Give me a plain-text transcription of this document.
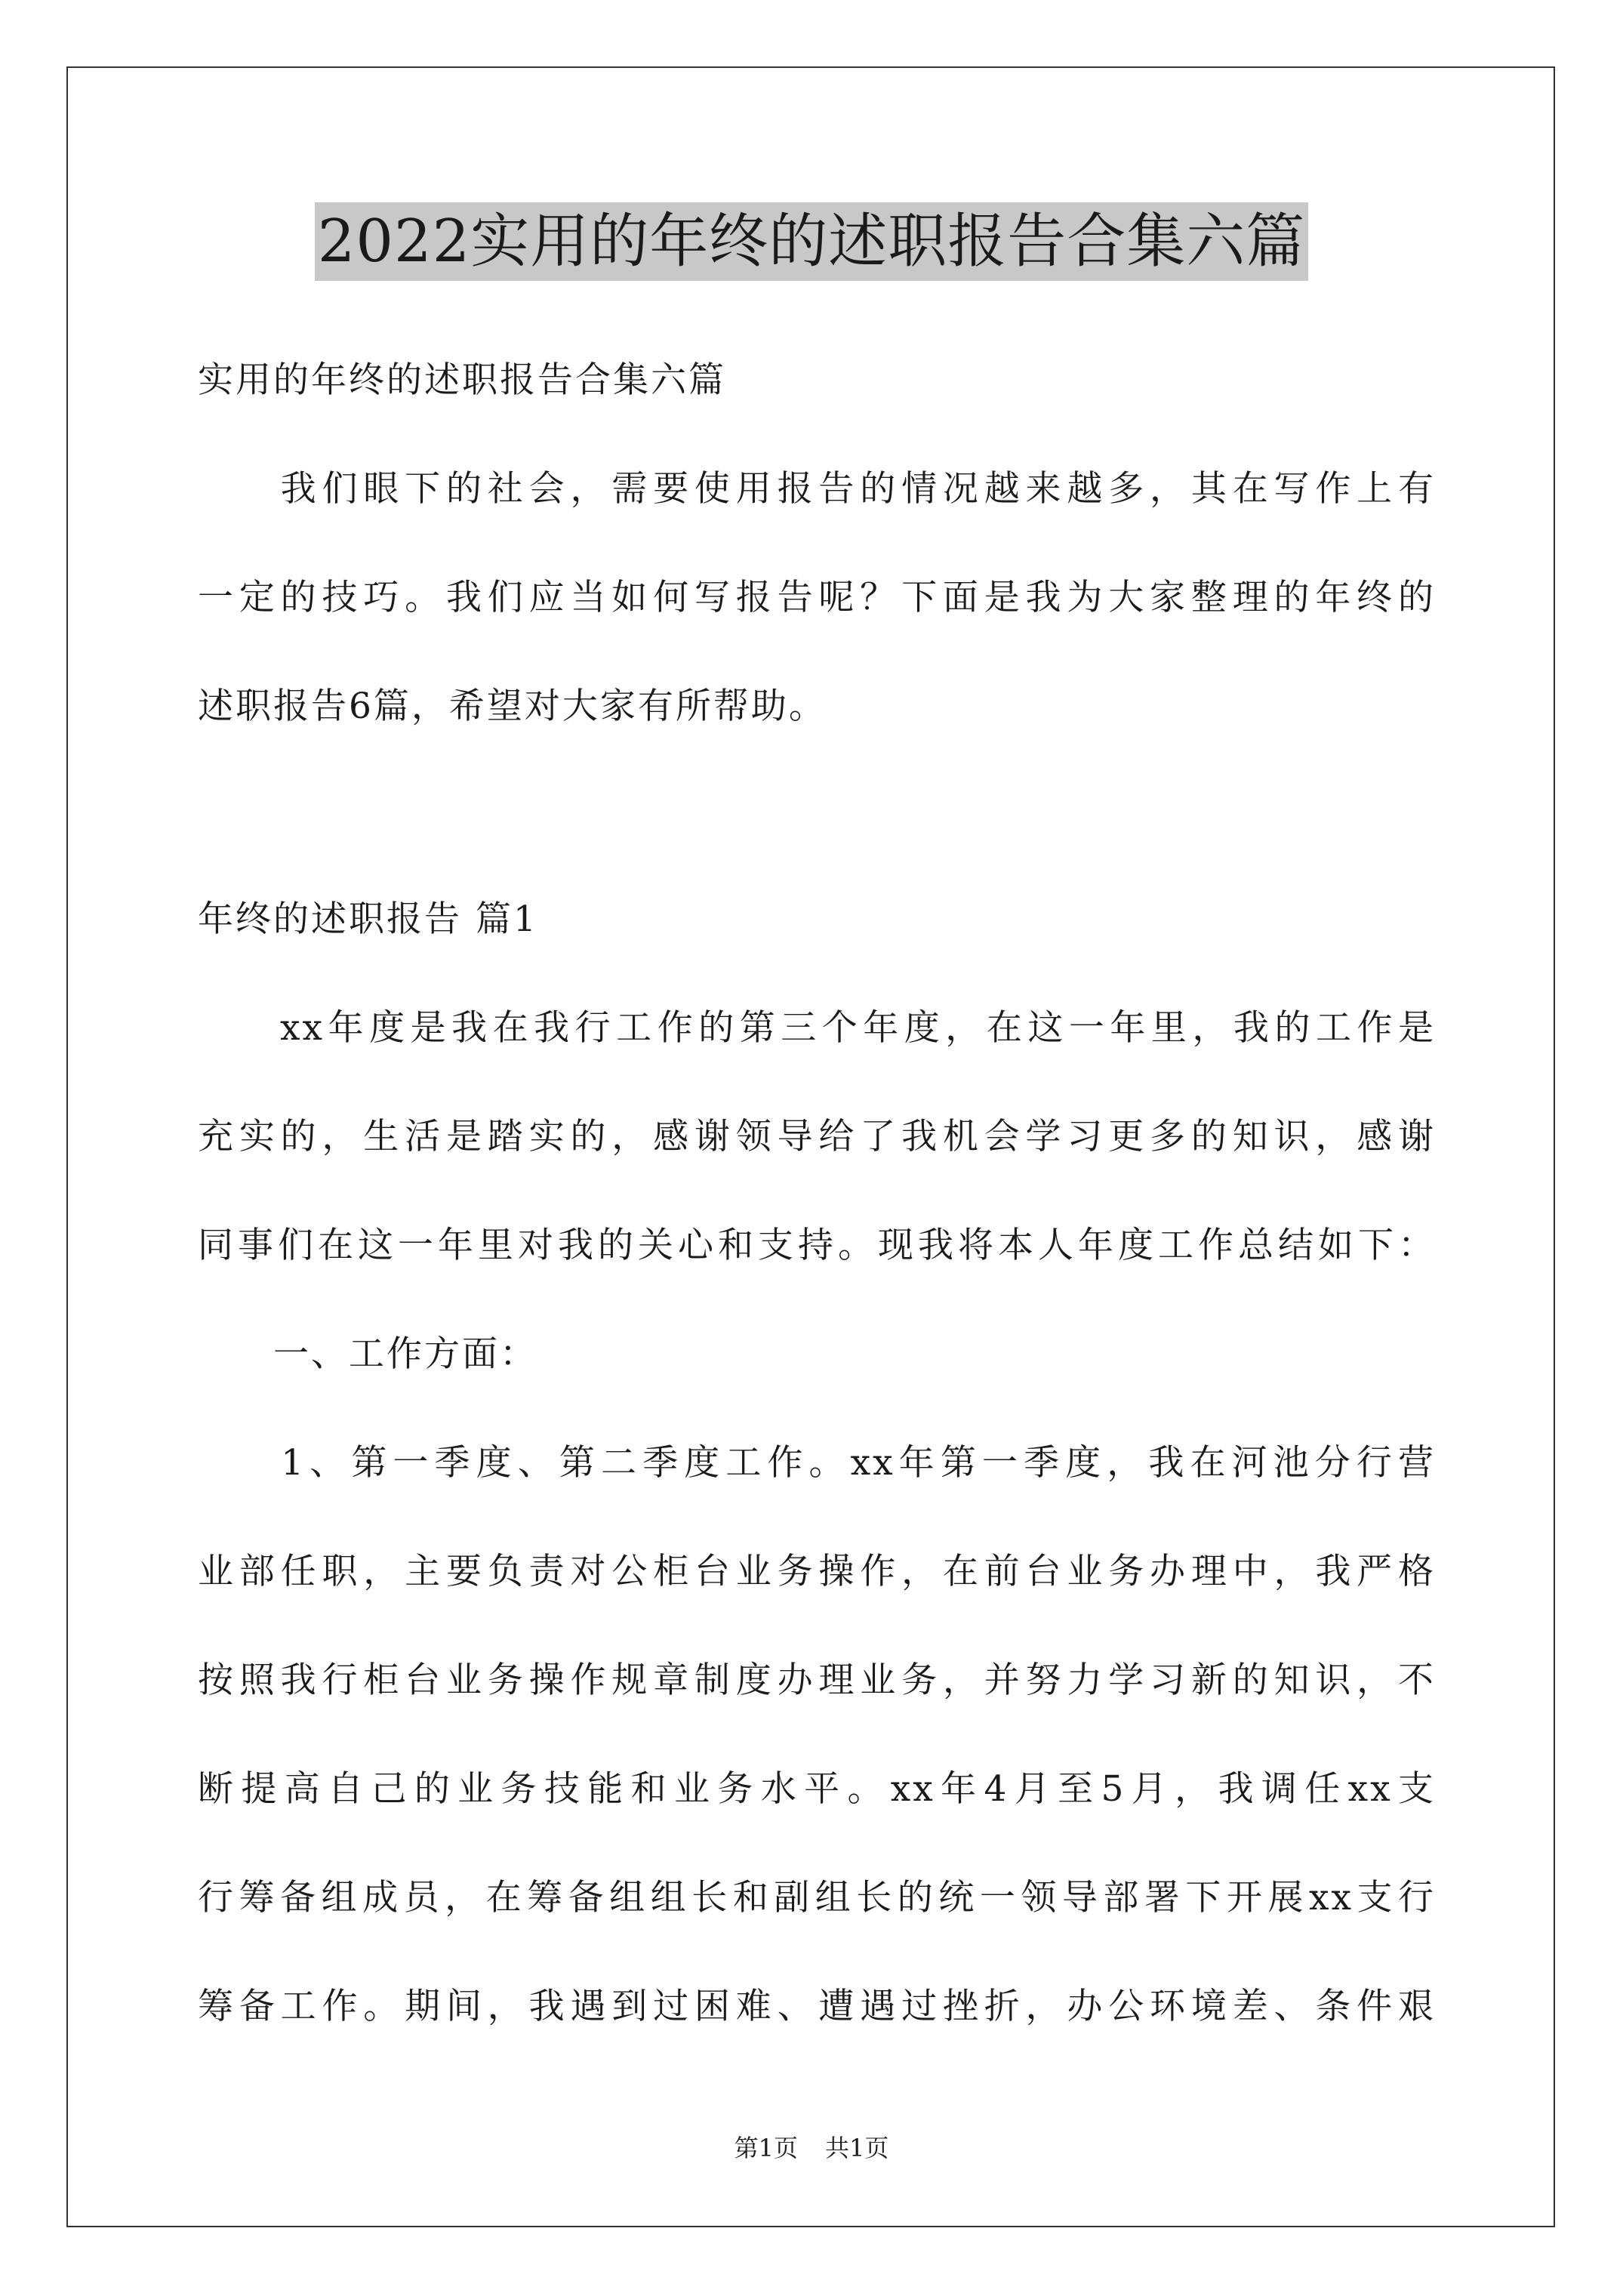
2022实用的年终的述职报告合集六篇
实用的年终的述职报告合集六篇
　　我们眼下的社会，需要使用报告的情况越来越多，其在写作上有
一定的技巧。我们应当如何写报告呢？下面是我为大家整理的年终的
述职报告6篇，希望对大家有所帮助。
年终的述职报告 篇1
　　xx年度是我在我行工作的第三个年度，在这一年里，我的工作是
充实的，生活是踏实的，感谢领导给了我机会学习更多的知识，感谢
同事们在这一年里对我的关心和支持。现我将本人年度工作总结如下：
　　一、工作方面：
　　1、第一季度、第二季度工作。xx年第一季度，我在河池分行营
业部任职，主要负责对公柜台业务操作，在前台业务办理中，我严格
按照我行柜台业务操作规章制度办理业务，并努力学习新的知识，不
断提高自己的业务技能和业务水平。xx年4月至5月，我调任xx支
行筹备组成员，在筹备组组长和副组长的统一领导部署下开展xx支行
筹备工作。期间，我遇到过困难、遭遇过挫折，办公环境差、条件艰
第1页 共1页
